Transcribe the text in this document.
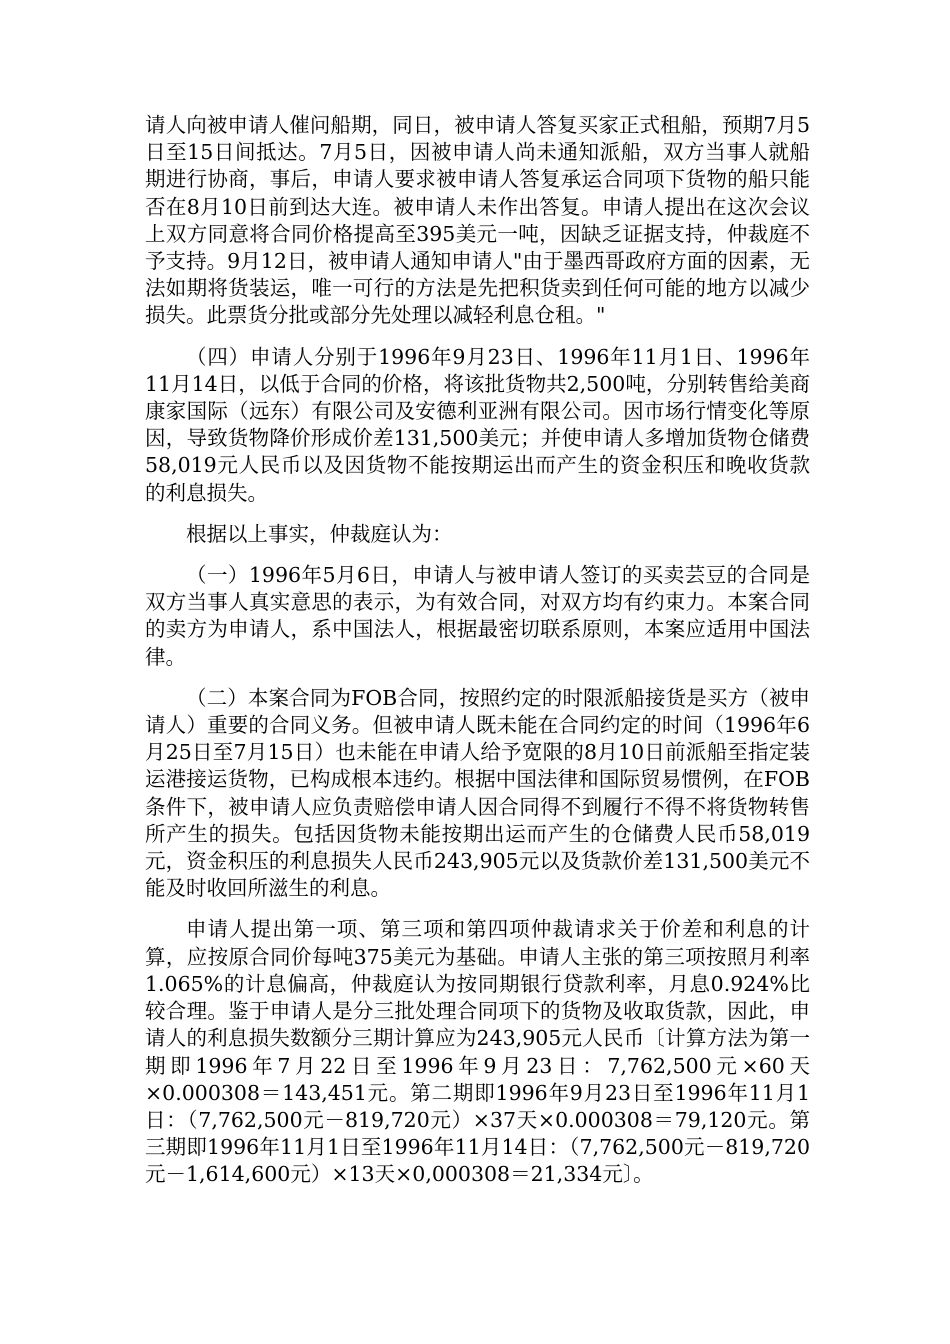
请人向被申请人催问船期，同日，被申请人答复买家正式租船，预期7月5日至15日间抵达。7月5日，因被申请人尚未通知派船，双方当事人就船期进行协商，事后，申请人要求被申请人答复承运合同项下货物的船只能否在8月10日前到达大连。被申请人未作出答复。申请人提出在这次会议上双方同意将合同价格提高至395美元一吨，因缺乏证据支持，仲裁庭不予支持。9月12日，被申请人通知申请人"由于墨西哥政府方面的因素，无法如期将货装运，唯一可行的方法是先把积货卖到任何可能的地方以减少损失。此票货分批或部分先处理以减轻利息仓租。"

（四）申请人分别于1996年9月23日、1996年11月1日、1996年11月14日，以低于合同的价格，将该批货物共2,500吨，分别转售给美商康家国际（远东）有限公司及安德利亚洲有限公司。因市场行情变化等原因，导致货物降价形成价差131,500美元；并使申请人多增加货物仓储费58,019元人民币以及因货物不能按期运出而产生的资金积压和晚收货款的利息损失。

根据以上事实，仲裁庭认为：

（一）1996年5月6日，申请人与被申请人签订的买卖芸豆的合同是双方当事人真实意思的表示，为有效合同，对双方均有约束力。本案合同的卖方为申请人，系中国法人，根据最密切联系原则，本案应适用中国法律。

（二）本案合同为FOB合同，按照约定的时限派船接货是买方（被申请人）重要的合同义务。但被申请人既未能在合同约定的时间（1996年6月25日至7月15日）也未能在申请人给予宽限的8月10日前派船至指定装运港接运货物，已构成根本违约。根据中国法律和国际贸易惯例，在FOB条件下，被申请人应负责赔偿申请人因合同得不到履行不得不将货物转售所产生的损失。包括因货物未能按期出运而产生的仓储费人民币58,019元，资金积压的利息损失人民币243,905元以及货款价差131,500美元不能及时收回所滋生的利息。

申请人提出第一项、第三项和第四项仲裁请求关于价差和利息的计算，应按原合同价每吨375美元为基础。申请人主张的第三项按照月利率1.065%的计息偏高，仲裁庭认为按同期银行贷款利率，月息0.924%比较合理。鉴于申请人是分三批处理合同项下的货物及收取货款，因此，申请人的利息损失数额分三期计算应为243,905元人民币〔计算方法为第一期即1996年7月22日至1996年9月23日：7,762,500元×60天×0.000308＝143,451元。第二期即1996年9月23日至1996年11月1日：（7,762,500元－819,720元）×37天×0.000308＝79,120元。第三期即1996年11月1日至1996年11月14日：（7,762,500元－819,720元－1,614,600元）×13天×0,000308＝21,334元〕。
